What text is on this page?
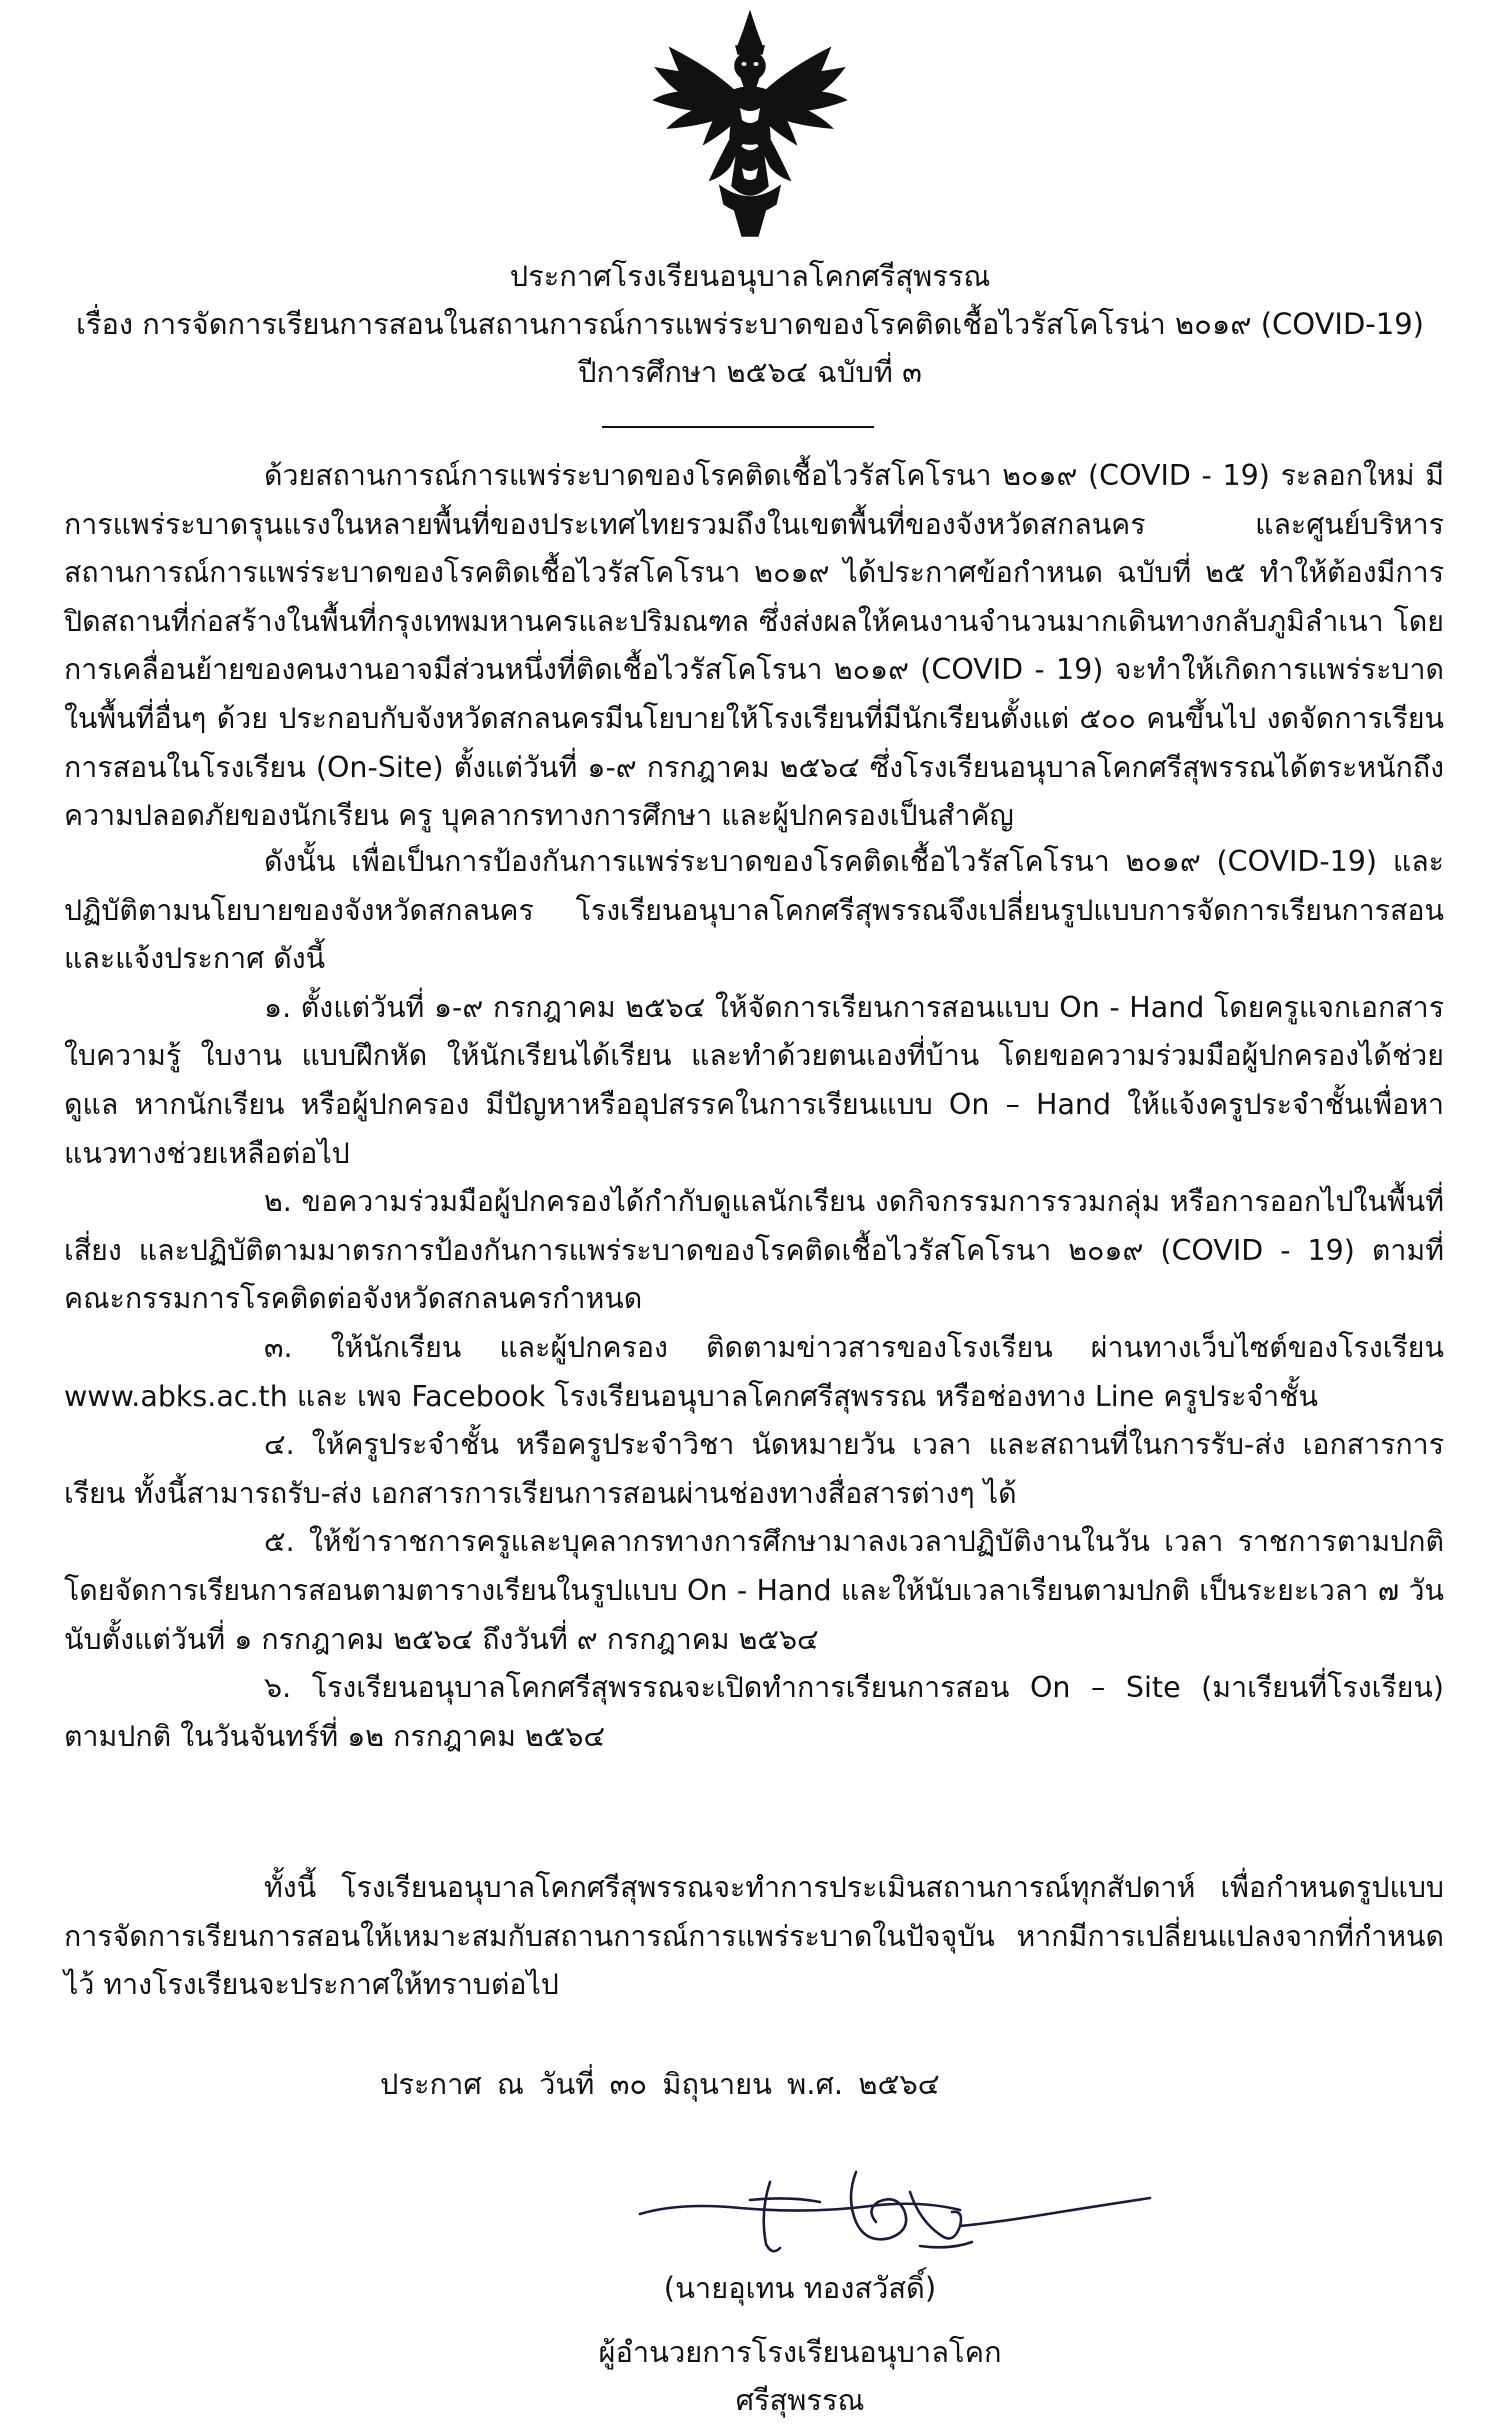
ประกาศโรงเรียนอนุบาลโคกศรีสุพรรณ
เรื่อง การจัดการเรียนการสอนในสถานการณ์การแพร่ระบาดของโรคติดเชื้อไวรัสโคโรน่า ๒๐๑๙ (COVID-19)
ปีการศึกษา ๒๕๖๔ ฉบับที่ ๓

ด้วยสถานการณ์การแพร่ระบาดของโรคติดเชื้อไวรัสโคโรนา ๒๐๑๙ (COVID - 19) ระลอกใหม่ มีการแพร่ระบาดรุนแรงในหลายพื้นที่ของประเทศไทยรวมถึงในเขตพื้นที่ของจังหวัดสกลนคร และศูนย์บริหารสถานการณ์การแพร่ระบาดของโรคติดเชื้อไวรัสโคโรนา ๒๐๑๙ ได้ประกาศข้อกำหนด ฉบับที่ ๒๕ ทำให้ต้องมีการปิดสถานที่ก่อสร้างในพื้นที่กรุงเทพมหานครและปริมณฑล ซึ่งส่งผลให้คนงานจำนวนมากเดินทางกลับภูมิลำเนา โดยการเคลื่อนย้ายของคนงานอาจมีส่วนหนึ่งที่ติดเชื้อไวรัสโคโรนา ๒๐๑๙ (COVID - 19) จะทำให้เกิดการแพร่ระบาดในพื้นที่อื่นๆ ด้วย ประกอบกับจังหวัดสกลนครมีนโยบายให้โรงเรียนที่มีนักเรียนตั้งแต่ ๕๐๐ คนขึ้นไป งดจัดการเรียนการสอนในโรงเรียน (On-Site) ตั้งแต่วันที่ ๑-๙ กรกฎาคม ๒๕๖๔ ซึ่งโรงเรียนอนุบาลโคกศรีสุพรรณได้ตระหนักถึงความปลอดภัยของนักเรียน ครู บุคลากรทางการศึกษา และผู้ปกครองเป็นสำคัญ

ดังนั้น เพื่อเป็นการป้องกันการแพร่ระบาดของโรคติดเชื้อไวรัสโคโรนา ๒๐๑๙ (COVID-19) และปฏิบัติตามนโยบายของจังหวัดสกลนคร โรงเรียนอนุบาลโคกศรีสุพรรณจึงเปลี่ยนรูปแบบการจัดการเรียนการสอน และแจ้งประกาศ ดังนี้

๑. ตั้งแต่วันที่ ๑-๙ กรกฎาคม ๒๕๖๔ ให้จัดการเรียนการสอนแบบ On - Hand โดยครูแจกเอกสารใบความรู้ ใบงาน แบบฝึกหัด ให้นักเรียนได้เรียน และทำด้วยตนเองที่บ้าน โดยขอความร่วมมือผู้ปกครองได้ช่วยดูแล หากนักเรียน หรือผู้ปกครอง มีปัญหาหรืออุปสรรคในการเรียนแบบ On – Hand ให้แจ้งครูประจำชั้นเพื่อหาแนวทางช่วยเหลือต่อไป

๒. ขอความร่วมมือผู้ปกครองได้กำกับดูแลนักเรียน งดกิจกรรมการรวมกลุ่ม หรือการออกไปในพื้นที่เสี่ยง และปฏิบัติตามมาตรการป้องกันการแพร่ระบาดของโรคติดเชื้อไวรัสโคโรนา ๒๐๑๙ (COVID - 19) ตามที่คณะกรรมการโรคติดต่อจังหวัดสกลนครกำหนด

๓. ให้นักเรียน และผู้ปกครอง ติดตามข่าวสารของโรงเรียน ผ่านทางเว็บไซต์ของโรงเรียน www.abks.ac.th และ เพจ Facebook โรงเรียนอนุบาลโคกศรีสุพรรณ หรือช่องทาง Line ครูประจำชั้น

๔. ให้ครูประจำชั้น หรือครูประจำวิชา นัดหมายวัน เวลา และสถานที่ในการรับ-ส่ง เอกสารการเรียน ทั้งนี้สามารถรับ-ส่ง เอกสารการเรียนการสอนผ่านช่องทางสื่อสารต่างๆ ได้

๕. ให้ข้าราชการครูและบุคลากรทางการศึกษามาลงเวลาปฏิบัติงานในวัน เวลา ราชการตามปกติ โดยจัดการเรียนการสอนตามตารางเรียนในรูปแบบ On - Hand และให้นับเวลาเรียนตามปกติ เป็นระยะเวลา ๗ วัน นับตั้งแต่วันที่ ๑ กรกฎาคม ๒๕๖๔ ถึงวันที่ ๙ กรกฎาคม ๒๕๖๔

๖. โรงเรียนอนุบาลโคกศรีสุพรรณจะเปิดทำการเรียนการสอน On – Site (มาเรียนที่โรงเรียน) ตามปกติ ในวันจันทร์ที่ ๑๒ กรกฎาคม ๒๕๖๔

ทั้งนี้ โรงเรียนอนุบาลโคกศรีสุพรรณจะทำการประเมินสถานการณ์ทุกสัปดาห์ เพื่อกำหนดรูปแบบการจัดการเรียนการสอนให้เหมาะสมกับสถานการณ์การแพร่ระบาดในปัจจุบัน หากมีการเปลี่ยนแปลงจากที่กำหนดไว้ ทางโรงเรียนจะประกาศให้ทราบต่อไป

ประกาศ ณ วันที่ ๓๐ มิถุนายน พ.ศ. ๒๕๖๔
(นายอุเทน ทองสวัสดิ์)
ผู้อำนวยการโรงเรียนอนุบาลโคกศรีสุพรรณ
